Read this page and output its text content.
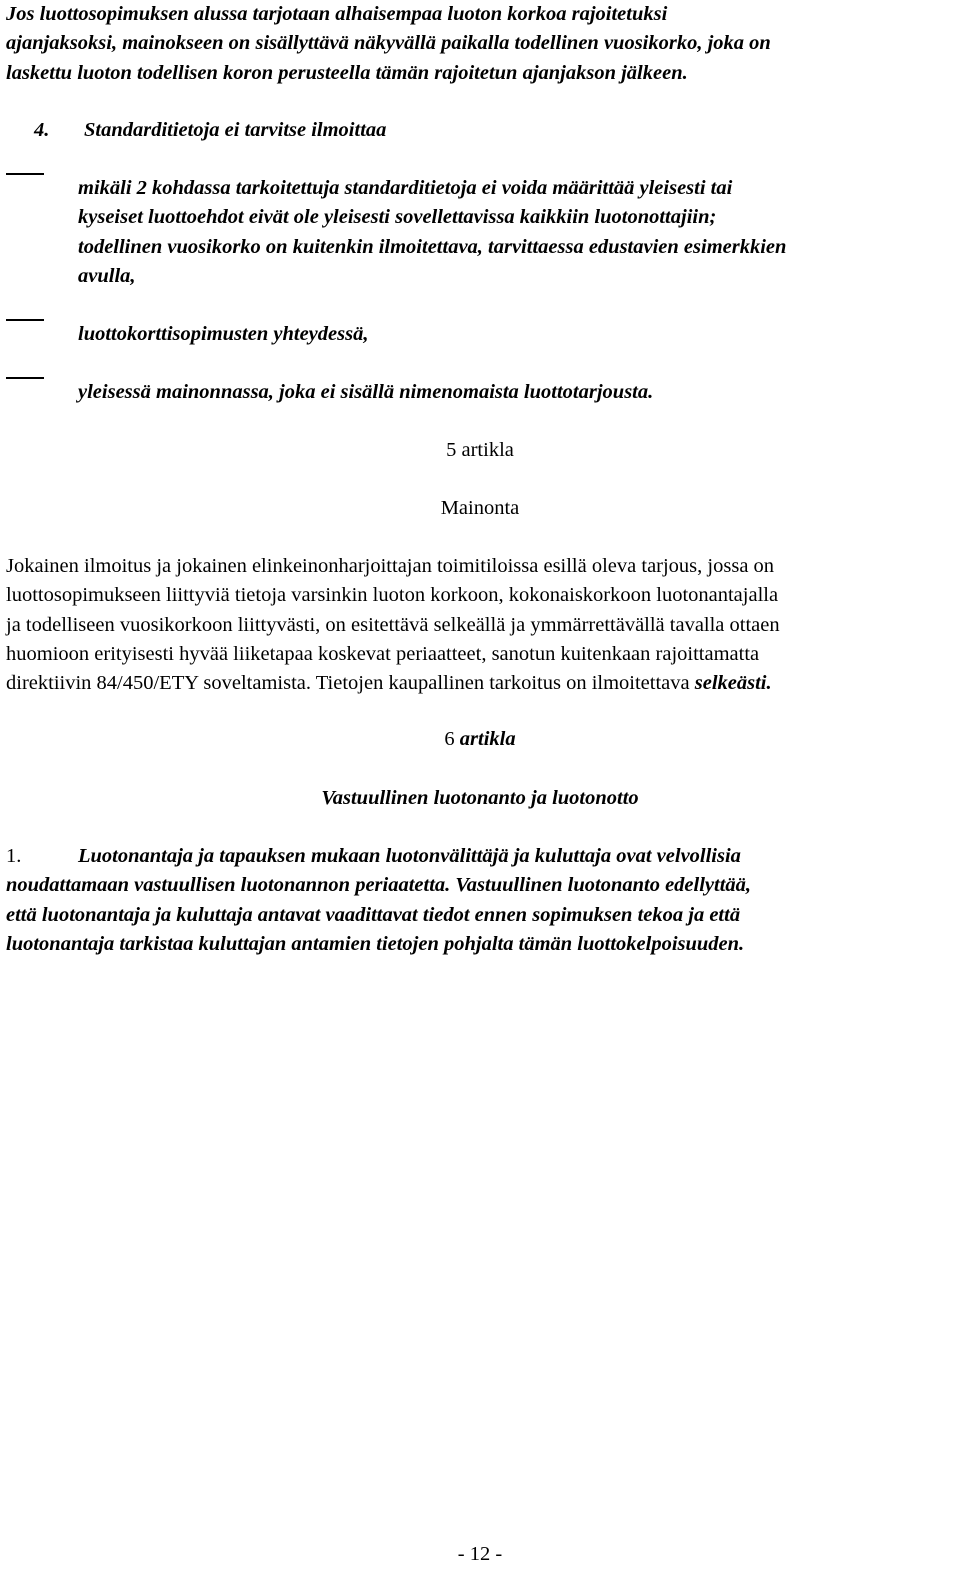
Jos luottosopimuksen alussa tarjotaan alhaisempaa luoton korkoa rajoitetuksi
ajanjaksoksi, mainokseen on sisällyttävä näkyvällä paikalla todellinen vuosikorko, joka on
laskettu luoton todellisen koron perusteella tämän rajoitetun ajanjakson jälkeen.
4. Standarditietoja ei tarvitse ilmoittaa
mikäli 2 kohdassa tarkoitettuja standarditietoja ei voida määrittää yleisesti tai
kyseiset luottoehdot eivät ole yleisesti sovellettavissa kaikkiin luotonottajiin;
todellinen vuosikorko on kuitenkin ilmoitettava, tarvittaessa edustavien esimerkkien
avulla,
luottokorttisopimusten yhteydessä,
yleisessä mainonnassa, joka ei sisällä nimenomaista luottotarjousta.
5 artikla
Mainonta
Jokainen ilmoitus ja jokainen elinkeinonharjoittajan toimitiloissa esillä oleva tarjous, jossa on
luottosopimukseen liittyviä tietoja varsinkin luoton korkoon, kokonaiskorkoon luotonantajalla
ja todelliseen vuosikorkoon liittyvästi, on esitettävä selkeällä ja ymmärrettävällä tavalla ottaen
huomioon erityisesti hyvää liiketapaa koskevat periaatteet, sanotun kuitenkaan rajoittamatta
direktiivin 84/450/ETY soveltamista. Tietojen kaupallinen tarkoitus on ilmoitettava selkeästi.
6 artikla
Vastuullinen luotonanto ja luotonotto
1.	Luotonantaja ja tapauksen mukaan luotonvälittäjä ja kuluttaja ovat velvollisia
noudattamaan vastuullisen luotonannon periaatetta. Vastuullinen luotonanto edellyttää,
että luotonantaja ja kuluttaja antavat vaadittavat tiedot ennen sopimuksen tekoa ja että
luotonantaja tarkistaa kuluttajan antamien tietojen pohjalta tämän luottokelpoisuuden.
- 12 -
